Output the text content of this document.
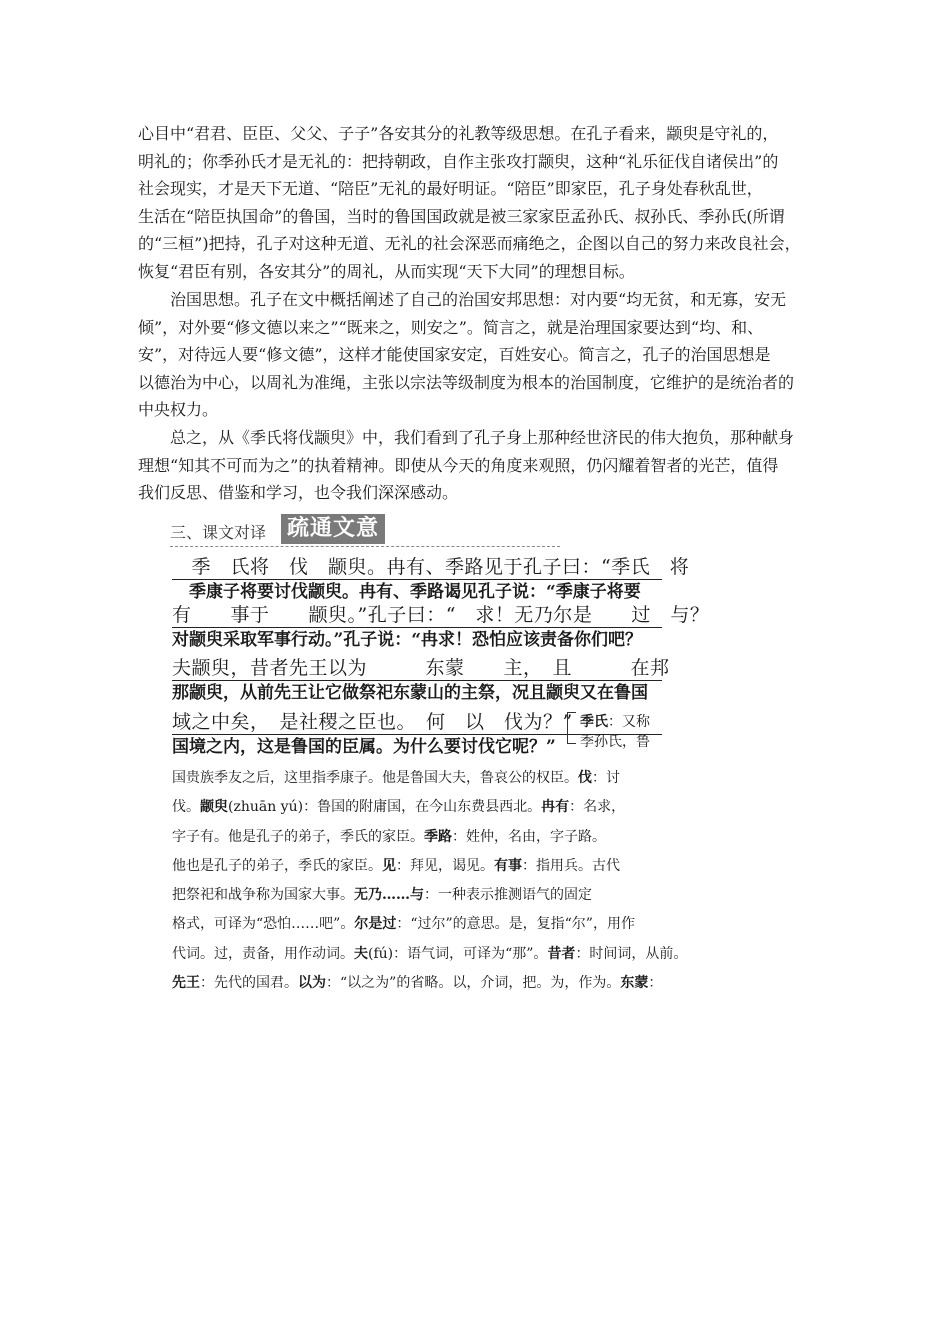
心目中“君君、臣臣、父父、子子”各安其分的礼教等级思想。在孔子看来，颛臾是守礼的，
明礼的；你季孙氏才是无礼的：把持朝政，自作主张攻打颛臾，这种“礼乐征伐自诸侯出”的
社会现实，才是天下无道、“陪臣”无礼的最好明证。“陪臣”即家臣，孔子身处春秋乱世，
生活在“陪臣执国命”的鲁国，当时的鲁国国政就是被三家家臣孟孙氏、叔孙氏、季孙氏(所谓
的“三桓”)把持，孔子对这种无道、无礼的社会深恶而痛绝之，企图以自己的努力来改良社会，
恢复“君臣有别，各安其分”的周礼，从而实现“天下大同”的理想目标。
　　治国思想。孔子在文中概括阐述了自己的治国安邦思想：对内要“均无贫，和无寡，安无
倾”，对外要“修文德以来之”“既来之，则安之”。简言之，就是治理国家要达到“均、和、
安”，对待远人要“修文德”，这样才能使国家安定，百姓安心。简言之，孔子的治国思想是
以德治为中心，以周礼为准绳，主张以宗法等级制度为根本的治国制度，它维护的是统治者的
中央权力。
　　总之，从《季氏将伐颛臾》中，我们看到了孔子身上那种经世济民的伟大抱负，那种献身
理想“知其不可而为之”的执着精神。即使从今天的角度来观照，仍闪耀着智者的光芒，值得
我们反思、借鉴和学习，也令我们深深感动。
三、课文对译 疏通文意
　季　氏将　伐　颛臾。冉有、季路见于孔子曰：“季氏　将
　季康子将要讨伐颛臾。冉有、季路谒见孔子说：“季康子将要
有　　事于　　颛臾。”孔子曰：“　求！无乃尔是　　过　与？
对颛臾采取军事行动。”孔子说：“冉求！恐怕应该责备你们吧？
夫颛臾，昔者先王以为　　　东蒙　　主，　且　　　在邦
那颛臾，从前先王让它做祭祀东蒙山的主祭，况且颛臾又在鲁国
域之中矣，　是社稷之臣也。　何　以　伐为？”
国境之内，这是鲁国的臣属。为什么要讨伐它呢？”
季氏：又称
季孙氏，鲁
国贵族季友之后，这里指季康子。他是鲁国大夫，鲁哀公的权臣。伐：讨
伐。颛臾(zhuān yú)：鲁国的附庸国，在今山东费县西北。冉有：名求，
字子有。他是孔子的弟子，季氏的家臣。季路：姓仲，名由，字子路。
他也是孔子的弟子，季氏的家臣。见：拜见，谒见。有事：指用兵。古代
把祭祀和战争称为国家大事。无乃……与：一种表示推测语气的固定
格式，可译为“恐怕……吧”。尔是过：“过尔”的意思。是，复指“尔”，用作
代词。过，责备，用作动词。夫(fú)：语气词，可译为“那”。昔者：时间词，从前。
先王：先代的国君。以为：“以之为”的省略。以，介词，把。为，作为。东蒙：
